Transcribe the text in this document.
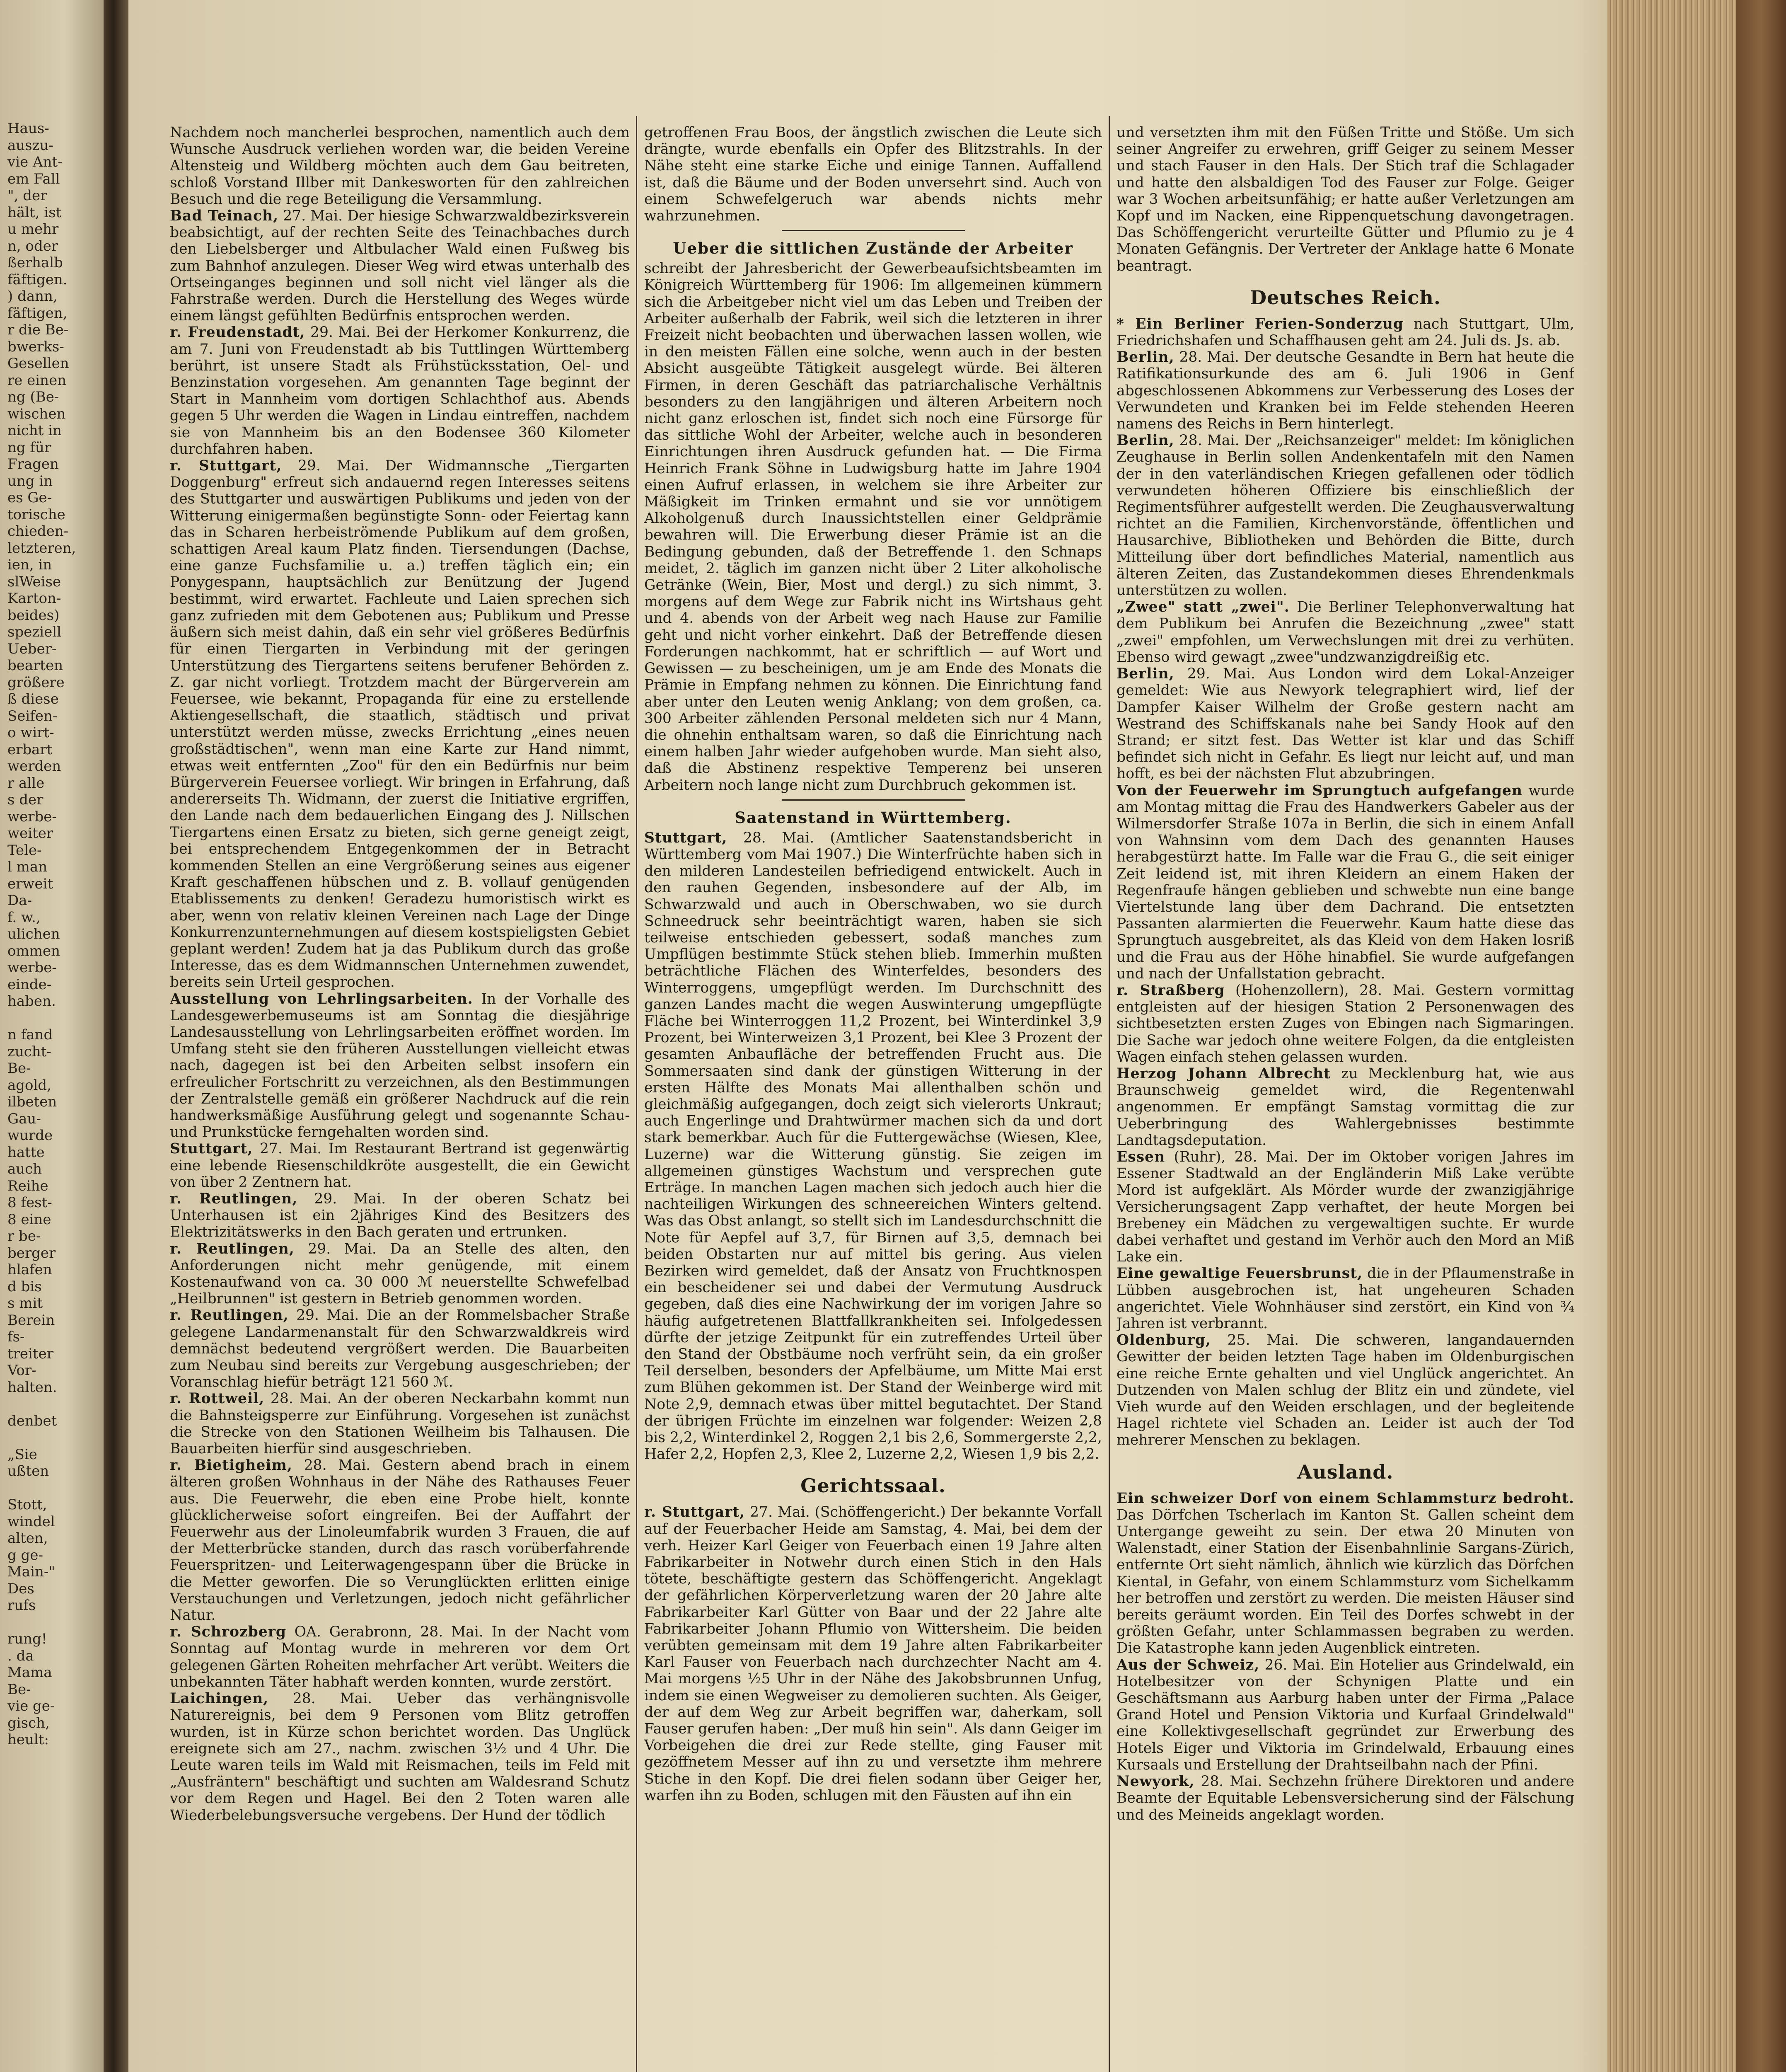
Haus-
auszu-
vie Ant-
em Fall
", der
hält, ist
u mehr
n, oder
ßerhalb
fäftigen.
) dann,
fäftigen,
r die Be-
bwerks-
Gesellen
re einen
ng (Be-
wischen
nicht in
ng für
Fragen
ung in
es Ge-
torische
chieden-
letzteren,
ien, in
slWeise
Karton-
beides)
speziell
Ueber-
bearten
größere
ß diese
Seifen-
o wirt-
erbart
werden
r alle
s der
werbe-
weiter
Tele-
l man
erweit
Da-
f. w.,
ulichen
ommen
werbe-
einde-
haben.

n fand
zucht-
Be-
agold,
ilbeten
Gau-
wurde
hatte
auch
Reihe
8 fest-
8 eine
r be-
berger
hlafen
d bis
s mit
Berein
fs-
treiter
Vor-
halten.

denbet

„Sie
ußten

Stott,
windel
alten,
g ge-
Main-"
Des
rufs

rung!
. da
Mama
Be-
vie ge-
gisch,
heult:

Nachdem noch mancherlei besprochen, namentlich auch dem Wunsche Ausdruck verliehen worden war, die beiden Vereine Altensteig und Wildberg möchten auch dem Gau beitreten, schloß Vorstand Illber mit Dankesworten für den zahlreichen Besuch und die rege Beteiligung die Versammlung.

Bad Teinach, 27. Mai. Der hiesige Schwarzwaldbezirksverein beabsichtigt, auf der rechten Seite des Teinachbaches durch den Liebelsberger und Altbulacher Wald einen Fußweg bis zum Bahnhof anzulegen. Dieser Weg wird etwas unterhalb des Ortseinganges beginnen und soll nicht viel länger als die Fahrstraße werden. Durch die Herstellung des Weges würde einem längst gefühlten Bedürfnis entsprochen werden.

r. Freudenstadt, 29. Mai. Bei der Herkomer Konkurrenz, die am 7. Juni von Freudenstadt ab bis Tuttlingen Württemberg berührt, ist unsere Stadt als Frühstücksstation, Oel- und Benzinstation vorgesehen. Am genannten Tage beginnt der Start in Mannheim vom dortigen Schlachthof aus. Abends gegen 5 Uhr werden die Wagen in Lindau eintreffen, nachdem sie von Mannheim bis an den Bodensee 360 Kilometer durchfahren haben.

r. Stuttgart, 29. Mai. Der Widmannsche „Tiergarten Doggenburg" erfreut sich andauernd regen Interesses seitens des Stuttgarter und auswärtigen Publikums und jeden von der Witterung einigermaßen begünstigte Sonn- oder Feiertag kann das in Scharen herbeiströmende Publikum auf dem großen, schattigen Areal kaum Platz finden. Tiersendungen (Dachse, eine ganze Fuchsfamilie u. a.) treffen täglich ein; ein Ponygespann, hauptsächlich zur Benützung der Jugend bestimmt, wird erwartet. Fachleute und Laien sprechen sich ganz zufrieden mit dem Gebotenen aus; Publikum und Presse äußern sich meist dahin, daß ein sehr viel größeres Bedürfnis für einen Tiergarten in Verbindung mit der geringen Unterstützung des Tiergartens seitens berufener Behörden z. Z. gar nicht vorliegt. Trotzdem macht der Bürgerverein am Feuersee, wie bekannt, Propaganda für eine zu erstellende Aktiengesellschaft, die staatlich, städtisch und privat unterstützt werden müsse, zwecks Errichtung „eines neuen großstädtischen", wenn man eine Karte zur Hand nimmt, etwas weit entfernten „Zoo" für den ein Bedürfnis nur beim Bürgerverein Feuersee vorliegt. Wir bringen in Erfahrung, daß andererseits Th. Widmann, der zuerst die Initiative ergriffen, den Lande nach dem bedauerlichen Eingang des J. Nillschen Tiergartens einen Ersatz zu bieten, sich gerne geneigt zeigt, bei entsprechendem Entgegenkommen der in Betracht kommenden Stellen an eine Vergrößerung seines aus eigener Kraft geschaffenen hübschen und z. B. vollauf genügenden Etablissements zu denken! Geradezu humoristisch wirkt es aber, wenn von relativ kleinen Vereinen nach Lage der Dinge Konkurrenzunternehmungen auf diesem kostspieligsten Gebiet geplant werden! Zudem hat ja das Publikum durch das große Interesse, das es dem Widmannschen Unternehmen zuwendet, bereits sein Urteil gesprochen.

Ausstellung von Lehrlingsarbeiten. In der Vorhalle des Landesgewerbemuseums ist am Sonntag die diesjährige Landesausstellung von Lehrlingsarbeiten eröffnet worden. Im Umfang steht sie den früheren Ausstellungen vielleicht etwas nach, dagegen ist bei den Arbeiten selbst insofern ein erfreulicher Fortschritt zu verzeichnen, als den Bestimmungen der Zentralstelle gemäß ein größerer Nachdruck auf die rein handwerksmäßige Ausführung gelegt und sogenannte Schau- und Prunkstücke ferngehalten worden sind.

Stuttgart, 27. Mai. Im Restaurant Bertrand ist gegenwärtig eine lebende Riesenschildkröte ausgestellt, die ein Gewicht von über 2 Zentnern hat.

r. Reutlingen, 29. Mai. In der oberen Schatz bei Unterhausen ist ein 2jähriges Kind des Besitzers des Elektrizitätswerks in den Bach geraten und ertrunken.

r. Reutlingen, 29. Mai. Da an Stelle des alten, den Anforderungen nicht mehr genügende, mit einem Kostenaufwand von ca. 30 000 ℳ neuerstellte Schwefelbad „Heilbrunnen" ist gestern in Betrieb genommen worden.

r. Reutlingen, 29. Mai. Die an der Rommelsbacher Straße gelegene Landarmenanstalt für den Schwarzwaldkreis wird demnächst bedeutend vergrößert werden. Die Bauarbeiten zum Neubau sind bereits zur Vergebung ausgeschrieben; der Voranschlag hiefür beträgt 121 560 ℳ.

r. Rottweil, 28. Mai. An der oberen Neckarbahn kommt nun die Bahnsteigsperre zur Einführung. Vorgesehen ist zunächst die Strecke von den Stationen Weilheim bis Talhausen. Die Bauarbeiten hierfür sind ausgeschrieben.

r. Bietigheim, 28. Mai. Gestern abend brach in einem älteren großen Wohnhaus in der Nähe des Rathauses Feuer aus. Die Feuerwehr, die eben eine Probe hielt, konnte glücklicherweise sofort eingreifen. Bei der Auffahrt der Feuerwehr aus der Linoleumfabrik wurden 3 Frauen, die auf der Metterbrücke standen, durch das rasch vorüberfahrende Feuerspritzen- und Leiterwagengespann über die Brücke in die Metter geworfen. Die so Verunglückten erlitten einige Verstauchungen und Verletzungen, jedoch nicht gefährlicher Natur.

r. Schrozberg OA. Gerabronn, 28. Mai. In der Nacht vom Sonntag auf Montag wurde in mehreren vor dem Ort gelegenen Gärten Roheiten mehrfacher Art verübt. Weiters die unbekannten Täter habhaft werden konnten, wurde zerstört.

Laichingen, 28. Mai. Ueber das verhängnisvolle Naturereignis, bei dem 9 Personen vom Blitz getroffen wurden, ist in Kürze schon berichtet worden. Das Unglück ereignete sich am 27., nachm. zwischen 3½ und 4 Uhr. Die Leute waren teils im Wald mit Reismachen, teils im Feld mit „Ausfräntern" beschäftigt und suchten am Waldesrand Schutz vor dem Regen und Hagel. Bei den 2 Toten waren alle Wiederbelebungsversuche vergebens. Der Hund der tödlich

getroffenen Frau Boos, der ängstlich zwischen die Leute sich drängte, wurde ebenfalls ein Opfer des Blitzstrahls. In der Nähe steht eine starke Eiche und einige Tannen. Auffallend ist, daß die Bäume und der Boden unversehrt sind. Auch von einem Schwefelgeruch war abends nichts mehr wahrzunehmen.

Ueber die sittlichen Zustände der Arbeiter

schreibt der Jahresbericht der Gewerbeaufsichtsbeamten im Königreich Württemberg für 1906: Im allgemeinen kümmern sich die Arbeitgeber nicht viel um das Leben und Treiben der Arbeiter außerhalb der Fabrik, weil sich die letzteren in ihrer Freizeit nicht beobachten und überwachen lassen wollen, wie in den meisten Fällen eine solche, wenn auch in der besten Absicht ausgeübte Tätigkeit ausgelegt würde. Bei älteren Firmen, in deren Geschäft das patriarchalische Verhältnis besonders zu den langjährigen und älteren Arbeitern noch nicht ganz erloschen ist, findet sich noch eine Fürsorge für das sittliche Wohl der Arbeiter, welche auch in besonderen Einrichtungen ihren Ausdruck gefunden hat. — Die Firma Heinrich Frank Söhne in Ludwigsburg hatte im Jahre 1904 einen Aufruf erlassen, in welchem sie ihre Arbeiter zur Mäßigkeit im Trinken ermahnt und sie vor unnötigem Alkoholgenuß durch Inaussichtstellen einer Geldprämie bewahren will. Die Erwerbung dieser Prämie ist an die Bedingung gebunden, daß der Betreffende 1. den Schnaps meidet, 2. täglich im ganzen nicht über 2 Liter alkoholische Getränke (Wein, Bier, Most und dergl.) zu sich nimmt, 3. morgens auf dem Wege zur Fabrik nicht ins Wirtshaus geht und 4. abends von der Arbeit weg nach Hause zur Familie geht und nicht vorher einkehrt. Daß der Betreffende diesen Forderungen nachkommt, hat er schriftlich — auf Wort und Gewissen — zu bescheinigen, um je am Ende des Monats die Prämie in Empfang nehmen zu können. Die Einrichtung fand aber unter den Leuten wenig Anklang; von dem großen, ca. 300 Arbeiter zählenden Personal meldeten sich nur 4 Mann, die ohnehin enthaltsam waren, so daß die Einrichtung nach einem halben Jahr wieder aufgehoben wurde. Man sieht also, daß die Abstinenz respektive Temperenz bei unseren Arbeitern noch lange nicht zum Durchbruch gekommen ist.

Saatenstand in Württemberg.

Stuttgart, 28. Mai. (Amtlicher Saatenstandsbericht in Württemberg vom Mai 1907.) Die Winterfrüchte haben sich in den milderen Landesteilen befriedigend entwickelt. Auch in den rauhen Gegenden, insbesondere auf der Alb, im Schwarzwald und auch in Oberschwaben, wo sie durch Schneedruck sehr beeinträchtigt waren, haben sie sich teilweise entschieden gebessert, sodaß manches zum Umpflügen bestimmte Stück stehen blieb. Immerhin mußten beträchtliche Flächen des Winterfeldes, besonders des Winterroggens, umgepflügt werden. Im Durchschnitt des ganzen Landes macht die wegen Auswinterung umgepflügte Fläche bei Winterroggen 11,2 Prozent, bei Winterdinkel 3,9 Prozent, bei Winterweizen 3,1 Prozent, bei Klee 3 Prozent der gesamten Anbaufläche der betreffenden Frucht aus. Die Sommersaaten sind dank der günstigen Witterung in der ersten Hälfte des Monats Mai allenthalben schön und gleichmäßig aufgegangen, doch zeigt sich vielerorts Unkraut; auch Engerlinge und Drahtwürmer machen sich da und dort stark bemerkbar. Auch für die Futtergewächse (Wiesen, Klee, Luzerne) war die Witterung günstig. Sie zeigen im allgemeinen günstiges Wachstum und versprechen gute Erträge. In manchen Lagen machen sich jedoch auch hier die nachteiligen Wirkungen des schneereichen Winters geltend. Was das Obst anlangt, so stellt sich im Landesdurchschnitt die Note für Aepfel auf 3,7, für Birnen auf 3,5, demnach bei beiden Obstarten nur auf mittel bis gering. Aus vielen Bezirken wird gemeldet, daß der Ansatz von Fruchtknospen ein bescheidener sei und dabei der Vermutung Ausdruck gegeben, daß dies eine Nachwirkung der im vorigen Jahre so häufig aufgetretenen Blattfallkrankheiten sei. Infolgedessen dürfte der jetzige Zeitpunkt für ein zutreffendes Urteil über den Stand der Obstbäume noch verfrüht sein, da ein großer Teil derselben, besonders der Apfelbäume, um Mitte Mai erst zum Blühen gekommen ist. Der Stand der Weinberge wird mit Note 2,9, demnach etwas über mittel begutachtet. Der Stand der übrigen Früchte im einzelnen war folgender: Weizen 2,8 bis 2,2, Winterdinkel 2, Roggen 2,1 bis 2,6, Sommergerste 2,2, Hafer 2,2, Hopfen 2,3, Klee 2, Luzerne 2,2, Wiesen 1,9 bis 2,2.

Gerichtssaal.

r. Stuttgart, 27. Mai. (Schöffengericht.) Der bekannte Vorfall auf der Feuerbacher Heide am Samstag, 4. Mai, bei dem der verh. Heizer Karl Geiger von Feuerbach einen 19 Jahre alten Fabrikarbeiter in Notwehr durch einen Stich in den Hals tötete, beschäftigte gestern das Schöffengericht. Angeklagt der gefährlichen Körperverletzung waren der 20 Jahre alte Fabrikarbeiter Karl Gütter von Baar und der 22 Jahre alte Fabrikarbeiter Johann Pflumio von Wittersheim. Die beiden verübten gemeinsam mit dem 19 Jahre alten Fabrikarbeiter Karl Fauser von Feuerbach nach durchzechter Nacht am 4. Mai morgens ½5 Uhr in der Nähe des Jakobsbrunnen Unfug, indem sie einen Wegweiser zu demolieren suchten. Als Geiger, der auf dem Weg zur Arbeit begriffen war, daherkam, soll Fauser gerufen haben: „Der muß hin sein". Als dann Geiger im Vorbeigehen die drei zur Rede stellte, ging Fauser mit gezöffnetem Messer auf ihn zu und versetzte ihm mehrere Stiche in den Kopf. Die drei fielen sodann über Geiger her, warfen ihn zu Boden, schlugen mit den Fäusten auf ihn ein

und versetzten ihm mit den Füßen Tritte und Stöße. Um sich seiner Angreifer zu erwehren, griff Geiger zu seinem Messer und stach Fauser in den Hals. Der Stich traf die Schlagader und hatte den alsbaldigen Tod des Fauser zur Folge. Geiger war 3 Wochen arbeitsunfähig; er hatte außer Verletzungen am Kopf und im Nacken, eine Rippenquetschung davongetragen. Das Schöffengericht verurteilte Gütter und Pflumio zu je 4 Monaten Gefängnis. Der Vertreter der Anklage hatte 6 Monate beantragt.

Deutsches Reich.

* Ein Berliner Ferien-Sonderzug nach Stuttgart, Ulm, Friedrichshafen und Schaffhausen geht am 24. Juli ds. Js. ab.

Berlin, 28. Mai. Der deutsche Gesandte in Bern hat heute die Ratifikationsurkunde des am 6. Juli 1906 in Genf abgeschlossenen Abkommens zur Verbesserung des Loses der Verwundeten und Kranken bei im Felde stehenden Heeren namens des Reichs in Bern hinterlegt.

Berlin, 28. Mai. Der „Reichsanzeiger" meldet: Im königlichen Zeughause in Berlin sollen Andenkentafeln mit den Namen der in den vaterländischen Kriegen gefallenen oder tödlich verwundeten höheren Offiziere bis einschließlich der Regimentsführer aufgestellt werden. Die Zeughausverwaltung richtet an die Familien, Kirchenvorstände, öffentlichen und Hausarchive, Bibliotheken und Behörden die Bitte, durch Mitteilung über dort befindliches Material, namentlich aus älteren Zeiten, das Zustandekommen dieses Ehrendenkmals unterstützen zu wollen.

„Zwee" statt „zwei". Die Berliner Telephonverwaltung hat dem Publikum bei Anrufen die Bezeichnung „zwee" statt „zwei" empfohlen, um Verwechslungen mit drei zu verhüten. Ebenso wird gewagt „zwee"undzwanzigdreißig etc.

Berlin, 29. Mai. Aus London wird dem Lokal-Anzeiger gemeldet: Wie aus Newyork telegraphiert wird, lief der Dampfer Kaiser Wilhelm der Große gestern nacht am Westrand des Schiffskanals nahe bei Sandy Hook auf den Strand; er sitzt fest. Das Wetter ist klar und das Schiff befindet sich nicht in Gefahr. Es liegt nur leicht auf, und man hofft, es bei der nächsten Flut abzubringen.

Von der Feuerwehr im Sprungtuch aufgefangen wurde am Montag mittag die Frau des Handwerkers Gabeler aus der Wilmersdorfer Straße 107a in Berlin, die sich in einem Anfall von Wahnsinn vom dem Dach des genannten Hauses herabgestürzt hatte. Im Falle war die Frau G., die seit einiger Zeit leidend ist, mit ihren Kleidern an einem Haken der Regenfraufe hängen geblieben und schwebte nun eine bange Viertelstunde lang über dem Dachrand. Die entsetzten Passanten alarmierten die Feuerwehr. Kaum hatte diese das Sprungtuch ausgebreitet, als das Kleid von dem Haken losriß und die Frau aus der Höhe hinabfiel. Sie wurde aufgefangen und nach der Unfallstation gebracht.

r. Straßberg (Hohenzollern), 28. Mai. Gestern vormittag entgleisten auf der hiesigen Station 2 Personenwagen des sichtbesetzten ersten Zuges von Ebingen nach Sigmaringen. Die Sache war jedoch ohne weitere Folgen, da die entgleisten Wagen einfach stehen gelassen wurden.

Herzog Johann Albrecht zu Mecklenburg hat, wie aus Braunschweig gemeldet wird, die Regentenwahl angenommen. Er empfängt Samstag vormittag die zur Ueberbringung des Wahlergebnisses bestimmte Landtagsdeputation.

Essen (Ruhr), 28. Mai. Der im Oktober vorigen Jahres im Essener Stadtwald an der Engländerin Miß Lake verübte Mord ist aufgeklärt. Als Mörder wurde der zwanzigjährige Versicherungsagent Zapp verhaftet, der heute Morgen bei Brebeney ein Mädchen zu vergewaltigen suchte. Er wurde dabei verhaftet und gestand im Verhör auch den Mord an Miß Lake ein.

Eine gewaltige Feuersbrunst, die in der Pflaumenstraße in Lübben ausgebrochen ist, hat ungeheuren Schaden angerichtet. Viele Wohnhäuser sind zerstört, ein Kind von ¾ Jahren ist verbrannt.

Oldenburg, 25. Mai. Die schweren, langandauernden Gewitter der beiden letzten Tage haben im Oldenburgischen eine reiche Ernte gehalten und viel Unglück angerichtet. An Dutzenden von Malen schlug der Blitz ein und zündete, viel Vieh wurde auf den Weiden erschlagen, und der begleitende Hagel richtete viel Schaden an. Leider ist auch der Tod mehrerer Menschen zu beklagen.

Ausland.

Ein schweizer Dorf von einem Schlammsturz bedroht. Das Dörfchen Tscherlach im Kanton St. Gallen scheint dem Untergange geweiht zu sein. Der etwa 20 Minuten von Walenstadt, einer Station der Eisenbahnlinie Sargans-Zürich, entfernte Ort sieht nämlich, ähnlich wie kürzlich das Dörfchen Kiental, in Gefahr, von einem Schlammsturz vom Sichelkamm her betroffen und zerstört zu werden. Die meisten Häuser sind bereits geräumt worden. Ein Teil des Dorfes schwebt in der größten Gefahr, unter Schlammassen begraben zu werden. Die Katastrophe kann jeden Augenblick eintreten.

Aus der Schweiz, 26. Mai. Ein Hotelier aus Grindelwald, ein Hotelbesitzer von der Schynigen Platte und ein Geschäftsmann aus Aarburg haben unter der Firma „Palace Grand Hotel und Pension Viktoria und Kurfaal Grindelwald" eine Kollektivgesellschaft gegründet zur Erwerbung des Hotels Eiger und Viktoria im Grindelwald, Erbauung eines Kursaals und Erstellung der Drahtseilbahn nach der Pfini.

Newyork, 28. Mai. Sechzehn frühere Direktoren und andere Beamte der Equitable Lebensversicherung sind der Fälschung und des Meineids angeklagt worden.
